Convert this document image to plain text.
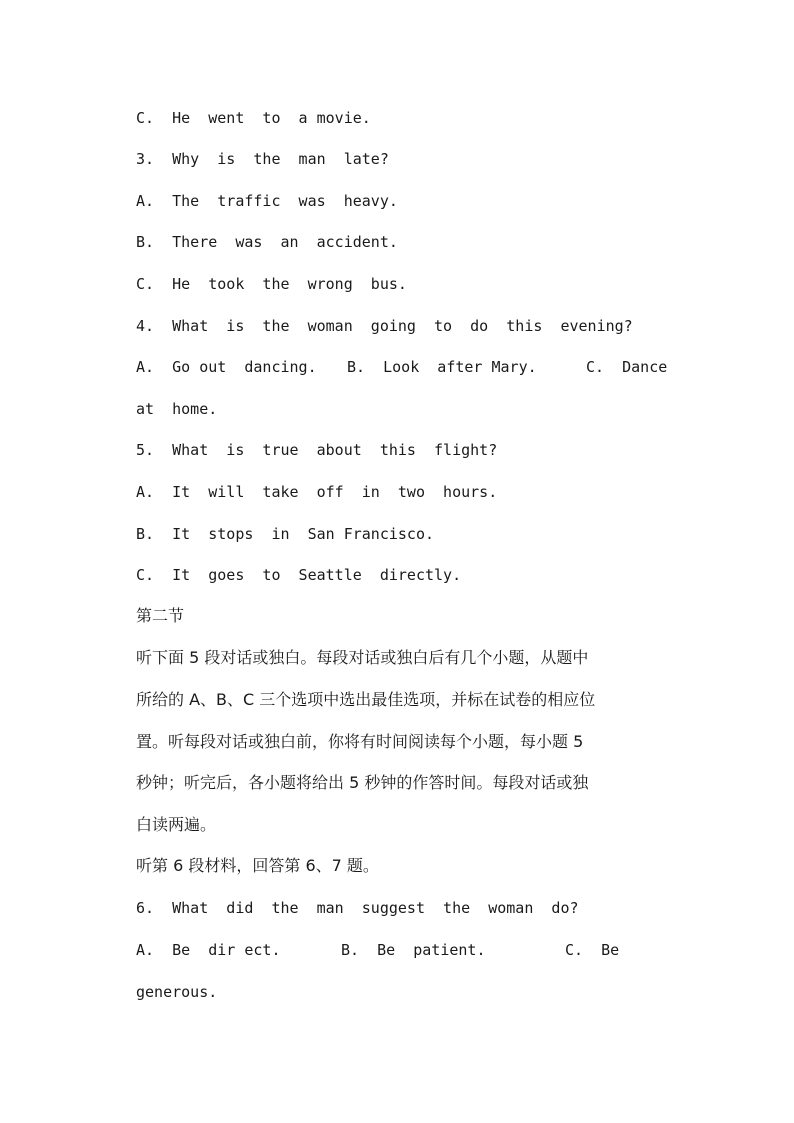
C.  He  went  to  a movie.
3.  Why  is  the  man  late?
A.  The  traffic  was  heavy.
B.  There  was  an  accident.
C.  He  took  the  wrong  bus.
4.  What  is  the  woman  going  to  do  this  evening?
A.  Go out  dancing. B.  Look  after Mary.	C.  Dance
at  home.
5.  What  is  true  about  this  flight?
A.  It  will  take  off  in  two  hours.
B.  It  stops  in  San Francisco.
C.  It  goes  to  Seattle  directly.
第二节
听下面 5 段对话或独白。每段对话或独白后有几个小题，从题中
所给的 A、B、C 三个选项中选出最佳选项，并标在试卷的相应位
置。听每段对话或独白前，你将有时间阅读每个小题，每小题 5
秒钟；听完后，各小题将给出 5 秒钟的作答时间。每段对话或独
白读两遍。
听第 6 段材料，回答第 6、7 题。
6.  What  did  the  man  suggest  the  woman  do?
A.  Be  dir ect.	B.  Be  patient.	C.  Be
generous.
